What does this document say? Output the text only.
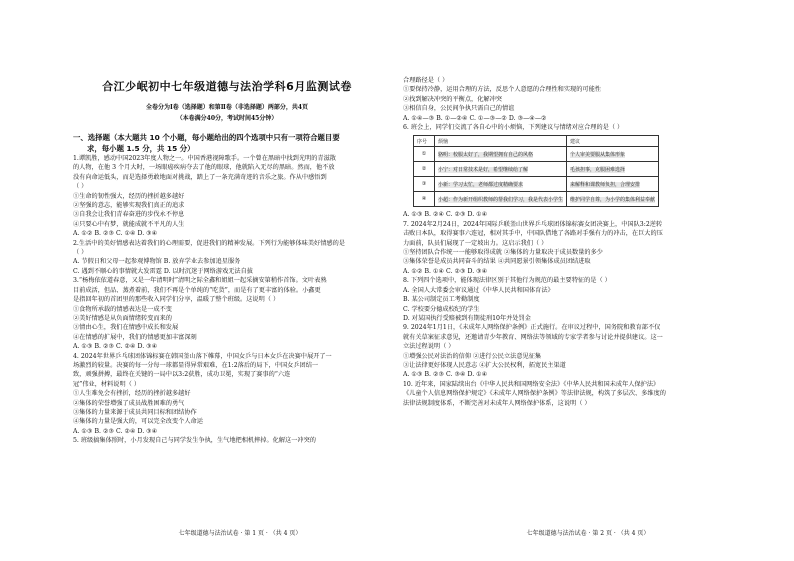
合江少岷初中七年级道德与法治学科6月监测试卷
全卷分为Ⅰ卷（选择题）和第Ⅱ卷（非选择题）两部分，共4页
（本卷满分40分，考试时间45分钟）
一、选择题（本大题共 10 个小题，每小题给出的四个选项中只有一项符合题目要
求，每小题 1.5 分，共 15 分）
1.谭凯胜，感动中国2023年度人物之一。中国香港视障歌手。一个曾在黑暗中找到光明的青滋散
的人物，在他 3 个月大时，一场眼癌疾病夺去了他的眼球，他就陷入无尽的黑暗。然而，他不放
没有向命运低头，而是选择勇敢地面对挑战，踏上了一条充满奇迹的音乐之旅。作从中感悟到
（ ）
①生命的韧性强大，经历的挫折越多越好
②坚强的意志，能够实现我们真正的追求
③自我会让我们青春奋进的步伐永不停息
④只要心中有梦，就能成就不平凡的人生
A. ①② B. ②③ C. ①④ D. ③④
2.生活中的美好情感表达着我们的心理需要，促进我们的精神发展。下列行为能够体味美好情感的是
（ ）
A. 节假日和父母一起参观博物馆 B. 放弃学业去参加追星服务
C. 遇到不顺心的事情就大发雷霆 D. 以时沉迷于网络游戏无法自拔
3.“杨梅依依道春意，又是一年清明时”清明之际全鑫和姐姐一起采摘安第稍作首饰。文叶表熟
目前成活，但品、蒸煮着前，我们不再是个单纯的“吃货”，而是有了更丰富的体验。小鑫更
是指回年初的首团里的那些收入同学们分享，温暖了整个班级。这说明（ ）
①食物所承载的情感表达是一成不变
②美好情感是从负面情绪转变而来的
③情由心生，我们在情感中成长和发展
④在情感的扩展中，我们的情感更加丰富深刻
A. ①③ B. ②③ C. ②④ D. ③④
4. 2024年世界乒乓球团体锦标赛在韩国釜山落下帷幕，中国女乒与日本女乒在决赛中展开了一
场激烈的较量。决赛的每一分每一球都显得异常艰难，在1:2落后的局下，中国女乒团结一
致，顽强拼搏，最终在关键的一局中以3:2获胜，成功卫冕，实现了赛事的“六连
冠”伟业，材料说明（ ）
①人生难免会有挫折，经历的挫折越多越好
②集体的荣誉增强了成员战胜困难的勇气
③集体的力量来源于成员共同目标和团结协作
④集体的力量是强大的，可以完全改变个人命运
A. ①③ B. ②③ C. ②④ D. ③④
5. 班级搞集体照时，小月发现自己与同学发生争执，生气地把相机摔掉。化解这一冲突的
合理路径是（ ）
①要保持冷静，运用合理的方法，反思个人意愿的合理性和实现的可能性
②找到解决冲突的平衡点，化解冲突
③相信自身，公民间争执只需自己的情谊
A. ①④—③ B. ①—②④ C. ①—③—② D. ③—④—②
6. 班会上，同学们交流了各自心中的小烦恼，下列建议与情绪对应合理的是（ ）
序号	烦恼	建议
①	骆明：校服太好了，我期望拥有自己的风格	个人审美要服从集体形象
②	小宁：对日常技术是好，希望继续给了解	毛孩担事，克服困难选择
③	小新：学习太忙，老师都过度精确要求	来解释和课教师负担，合理安排
④	小超：作为新开组织教师的帮我们学习，我是代表小学生	维护同学自尊，为小学的集体利益奉献
A. ①③ B. ②④ C. ②③ D. ①④
7. 2024年2月24日，2024年国际乒联釜山世界乒乓球团体锦标赛女团决赛上，中国队3:2逆转
击败日本队，取得赛事六连冠，相对其手中，中国队借地了各路对手强有力的冲击，在巨大的压
力面前，队员们展现了一定坡出力。这启示我们（ ）
①坚持团队合作统一一能够取得成就 ②集体的力量取决于成员数量的多少
③集体荣誉是成员共同奋斗的结果 ④共同愿景引领集体成员团结进取
A. ①② B. ①④ C. ②③ D. ③④
8. 下列四个选项中，能体现法律区别于其他行为规范的最主要特征的是（ ）
A. 全国人大常委会审议通过《中华人民共和国体育法》
B. 某公司制定员工考勤制度
C. 学校要分德成校纪的学生
D. 对某国执行受赔被到有期徒刑10年并处罚金
9. 2024年1月1日，《未成年人网络保护条例》正式施行。在审议过程中，国务院和教育部不仅
就有关草案征求意见，还邀请青少年教育、网络法等领域的专家学者参与讨论并提供建议。这一
立法过程说明（ ）
①增强公民对法治的信仰 ②进行公民立法意见征集
③让法律更好体现人民意志 ④扩大公民权利，拓宽民主渠道
A. ①③ B. ②③ C. ③④ D. ①④
10. 近年来，国家陆续出台《中华人民共和国网络安全法》《中华人民共和国未成年人保护法》
《儿童个人信息网络保护规定》《未成年人网络保护条例》等法律法规，构筑了多层次、多维度的
法律法规制度体系，不断完善对未成年人网络保护体系，这说明（ ）
七年级道德与法治试卷 · 第 1 页 · （共 4 页）	七年级道德与法治试卷 · 第 2 页 · （共 4 页）
